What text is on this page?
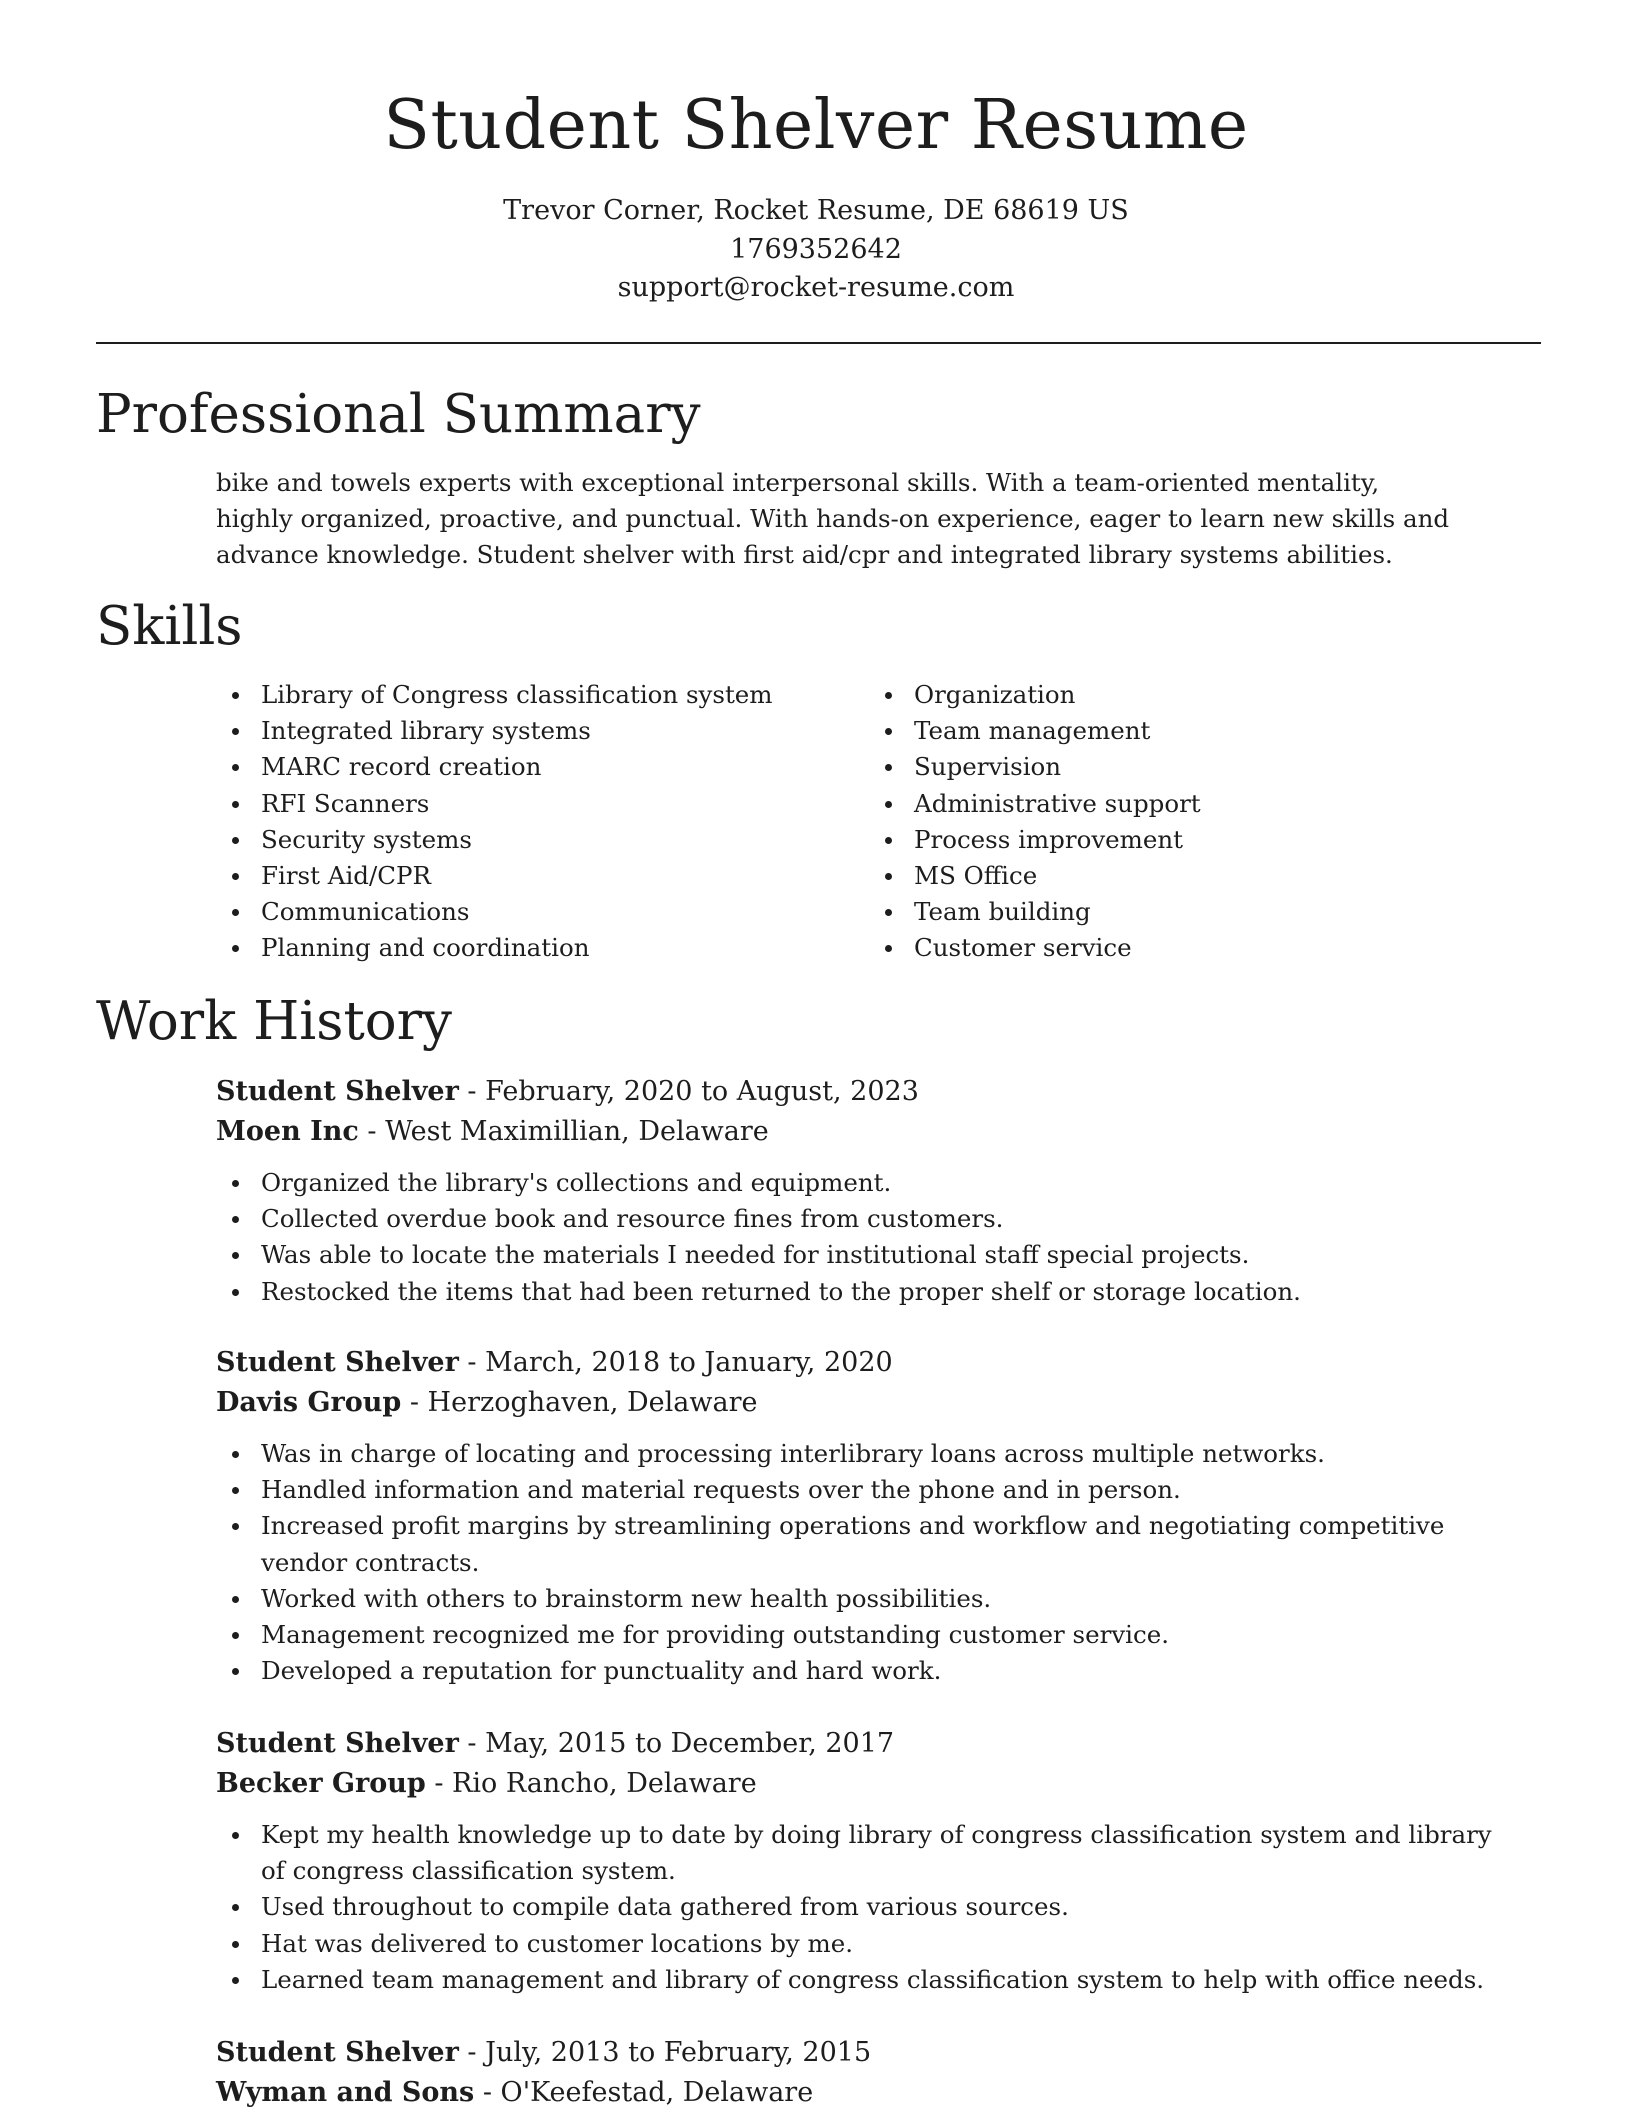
Student Shelver Resume
Trevor Corner, Rocket Resume, DE 68619 US
1769352642
support@rocket-resume.com
Professional Summary

bike and towels experts with exceptional interpersonal skills. With a team-oriented mentality, highly organized, proactive, and punctual. With hands-on experience, eager to learn new skills and advance knowledge. Student shelver with first aid/cpr and integrated library systems abilities.

Skills
Library of Congress classification system
Integrated library systems
MARC record creation
RFI Scanners
Security systems
First Aid/CPR
Communications
Planning and coordination
Organization
Team management
Supervision
Administrative support
Process improvement
MS Office
Team building
Customer service
Work History
Student Shelver - February, 2020 to August, 2023
Moen Inc - West Maximillian, Delaware
Organized the library's collections and equipment.
Collected overdue book and resource fines from customers.
Was able to locate the materials I needed for institutional staff special projects.
Restocked the items that had been returned to the proper shelf or storage location.
Student Shelver - March, 2018 to January, 2020
Davis Group - Herzoghaven, Delaware
Was in charge of locating and processing interlibrary loans across multiple networks.
Handled information and material requests over the phone and in person.
Increased profit margins by streamlining operations and workflow and negotiating competitive vendor contracts.
Worked with others to brainstorm new health possibilities.
Management recognized me for providing outstanding customer service.
Developed a reputation for punctuality and hard work.
Student Shelver - May, 2015 to December, 2017
Becker Group - Rio Rancho, Delaware
Kept my health knowledge up to date by doing library of congress classification system and library of congress classification system.
Used throughout to compile data gathered from various sources.
Hat was delivered to customer locations by me.
Learned team management and library of congress classification system to help with office needs.
Student Shelver - July, 2013 to February, 2015
Wyman and Sons - O'Keefestad, Delaware
